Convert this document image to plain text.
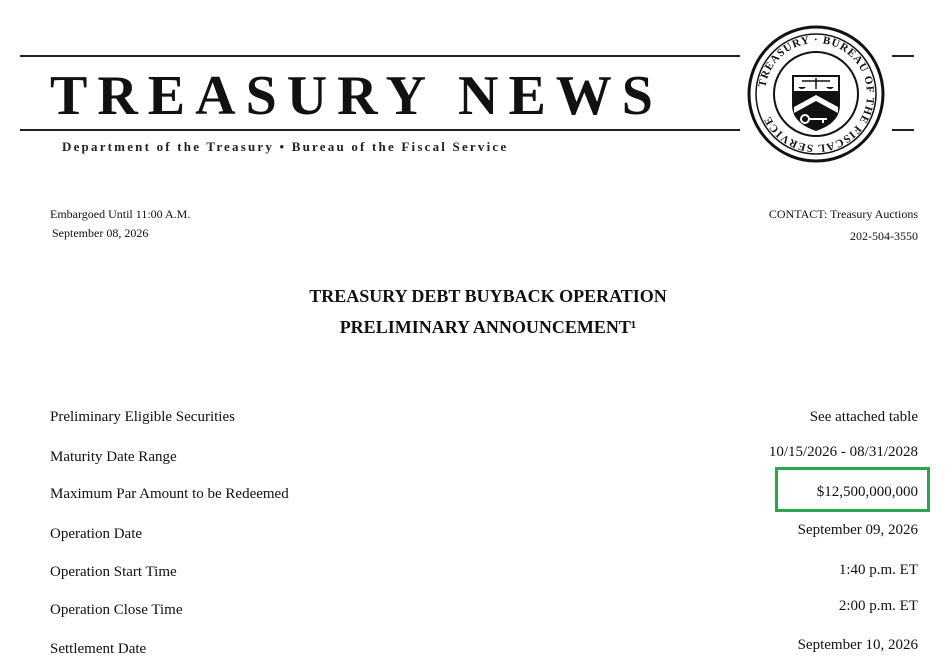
TREASURY NEWS
Department of the Treasury • Bureau of the Fiscal Service
TREASURY · BUREAU OF THE FISCAL SERVICE
Embargoed Until 11:00 A.M.
September 08, 2026
CONTACT: Treasury Auctions
202-504-3550
TREASURY DEBT BUYBACK OPERATION
PRELIMINARY ANNOUNCEMENT¹
Preliminary Eligible Securities	See attached table
Maturity Date Range	10/15/2026 - 08/31/2028
Maximum Par Amount to be Redeemed	$12,500,000,000
Operation Date	September 09, 2026
Operation Start Time	1:40 p.m. ET
Operation Close Time	2:00 p.m. ET
Settlement Date	September 10, 2026
